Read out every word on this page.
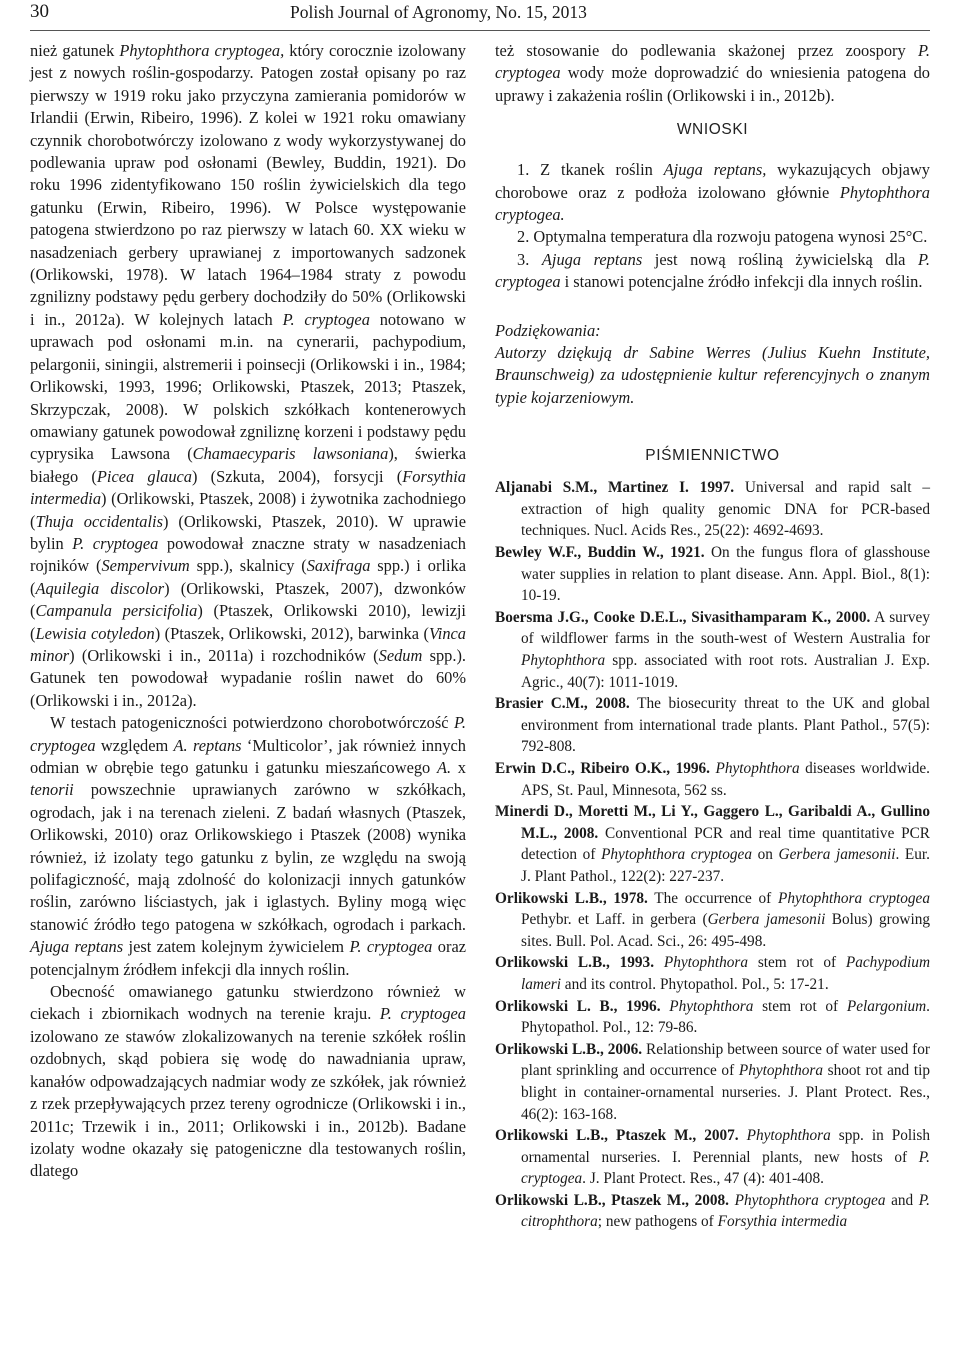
30	Polish Journal of Agronomy, No. 15, 2013

nież gatunek Phytophthora cryptogea, który corocznie izolowany jest z nowych roślin-gospodarzy. Patogen został opisany po raz pierwszy w 1919 roku jako przyczyna zamierania pomidorów w Irlandii (Erwin, Ribeiro, 1996). Z kolei w 1921 roku omawiany czynnik chorobotwórczy izolowano z wody wykorzystywanej do podlewania upraw pod osłonami (Bewley, Buddin, 1921). Do roku 1996 zidentyfikowano 150 roślin żywicielskich dla tego gatunku (Erwin, Ribeiro, 1996). W Polsce występowanie patogena stwierdzono po raz pierwszy w latach 60. XX wieku w nasadzeniach gerbery uprawianej z importowanych sadzonek (Orlikowski, 1978). W latach 1964–1984 straty z powodu zgnilizny podstawy pędu gerbery dochodziły do 50% (Orlikowski i in., 2012a). W kolejnych latach P. cryptogea notowano w uprawach pod osłonami m.in. na cynerarii, pachypodium, pelargonii, siningii, alstremerii i poinsecji (Orlikowski i in., 1984; Orlikowski, 1993, 1996; Orlikowski, Ptaszek, 2013; Ptaszek, Skrzypczak, 2008). W polskich szkółkach kontenerowych omawiany gatunek powodował zgniliznę korzeni i podstawy pędu cyprysika Lawsona (Chamaecyparis lawsoniana), świerka białego (Picea glauca) (Szkuta, 2004), forsycji (Forsythia intermedia) (Orlikowski, Ptaszek, 2008) i żywotnika zachodniego (Thuja occidentalis) (Orlikowski, Ptaszek, 2010). W uprawie bylin P. cryptogea powodował znaczne straty w nasadzeniach rojników (Sempervivum spp.), skalnicy (Saxifraga spp.) i orlika (Aquilegia discolor) (Orlikowski, Ptaszek, 2007), dzwonków (Campanula persicifolia) (Ptaszek, Orlikowski 2010), lewizji (Lewisia cotyledon) (Ptaszek, Orlikowski, 2012), barwinka (Vinca minor) (Orlikowski i in., 2011a) i rozchodników (Sedum spp.). Gatunek ten powodował wypadanie roślin nawet do 60% (Orlikowski i in., 2012a).

W testach patogeniczności potwierdzono chorobotwórczość P. cryptogea względem A. reptans ‘Multicolor’, jak również innych odmian w obrębie tego gatunku i gatunku mieszańcowego A. x tenorii powszechnie uprawianych zarówno w szkółkach, ogrodach, jak i na terenach zieleni. Z badań własnych (Ptaszek, Orlikowski, 2010) oraz Orlikowskiego i Ptaszek (2008) wynika również, iż izolaty tego gatunku z bylin, ze względu na swoją polifagiczność, mają zdolność do kolonizacji innych gatunków roślin, zarówno liściastych, jak i iglastych. Byliny mogą więc stanowić źródło tego patogena w szkółkach, ogrodach i parkach. Ajuga reptans jest zatem kolejnym żywicielem P. cryptogea oraz potencjalnym źródłem infekcji dla innych roślin.

Obecność omawianego gatunku stwierdzono również w ciekach i zbiornikach wodnych na terenie kraju. P. cryptogea izolowano ze stawów zlokalizowanych na terenie szkółek roślin ozdobnych, skąd pobiera się wodę do nawadniania upraw, kanałów odpowadzających nadmiar wody ze szkółek, jak również z rzek przepływających przez tereny ogrodnicze (Orlikowski i in., 2011c; Trzewik i in., 2011; Orlikowski i in., 2012b). Badane izolaty wodne okazały się patogeniczne dla testowanych roślin, dlatego

też stosowanie do podlewania skażonej przez zoospory P. cryptogea wody może doprowadzić do wniesienia patogena do uprawy i zakażenia roślin (Orlikowski i in., 2012b).

WNIOSKI

1. Z tkanek roślin Ajuga reptans, wykazujących objawy chorobowe oraz z podłoża izolowano głównie Phytophthora cryptogea.

2. Optymalna temperatura dla rozwoju patogena wynosi 25°C.

3. Ajuga reptans jest nową rośliną żywicielską dla P. cryptogea i stanowi potencjalne źródło infekcji dla innych roślin.

Podziękowania:

Autorzy dziękują dr Sabine Werres (Julius Kuehn Institute, Braunschweig) za udostępnienie kultur referencyjnych o znanym typie kojarzeniowym.

PIŚMIENNICTWO

Aljanabi S.M., Martinez I. 1997. Universal and rapid salt – extraction of high quality genomic DNA for PCR-based techniques. Nucl. Acids Res., 25(22): 4692-4693.

Bewley W.F., Buddin W., 1921. On the fungus flora of glasshouse water supplies in relation to plant disease. Ann. Appl. Biol., 8(1): 10-19.

Boersma J.G., Cooke D.E.L., Sivasithamparam K., 2000. A survey of wildflower farms in the south-west of Western Australia for Phytophthora spp. associated with root rots. Australian J. Exp. Agric., 40(7): 1011-1019.

Brasier C.M., 2008. The biosecurity threat to the UK and global environment from international trade plants. Plant Pathol., 57(5): 792-808.

Erwin D.C., Ribeiro O.K., 1996. Phytophthora diseases worldwide. APS, St. Paul, Minnesota, 562 ss.

Minerdi D., Moretti M., Li Y., Gaggero L., Garibaldi A., Gullino M.L., 2008. Conventional PCR and real time quantitative PCR detection of Phytophthora cryptogea on Gerbera jamesonii. Eur. J. Plant Pathol., 122(2): 227-237.

Orlikowski L.B., 1978. The occurrence of Phytophthora cryptogea Pethybr. et Laff. in gerbera (Gerbera jamesonii Bolus) growing sites. Bull. Pol. Acad. Sci., 26: 495-498.

Orlikowski L.B., 1993. Phytophthora stem rot of Pachypodium lameri and its control. Phytopathol. Pol., 5: 17-21.

Orlikowski L. B., 1996. Phytophthora stem rot of Pelargonium. Phytopathol. Pol., 12: 79-86.

Orlikowski L.B., 2006. Relationship between source of water used for plant sprinkling and occurrence of Phytophthora shoot rot and tip blight in container-ornamental nurseries. J. Plant Protect. Res., 46(2): 163-168.

Orlikowski L.B., Ptaszek M., 2007. Phytophthora spp. in Polish ornamental nurseries. I. Perennial plants, new hosts of P. cryptogea. J. Plant Protect. Res., 47 (4): 401-408.

Orlikowski L.B., Ptaszek M., 2008. Phytophthora cryptogea and P. citrophthora; new pathogens of Forsythia intermedia
